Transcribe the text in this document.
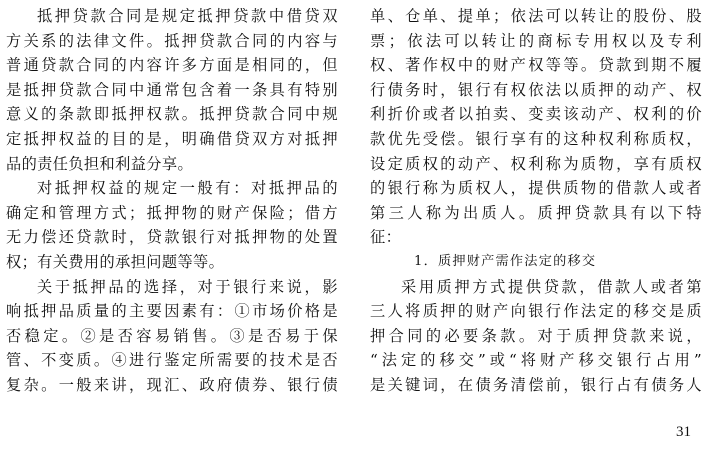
抵押贷款合同是规定抵押贷款中借贷双
方关系的法律文件。抵押贷款合同的内容与
普通贷款合同的内容许多方面是相同的，但
是抵押贷款合同中通常包含着一条具有特别
意义的条款即抵押权款。抵押贷款合同中规
定抵押权益的目的是，明确借贷双方对抵押
品的责任负担和利益分享。
对抵押权益的规定一般有：对抵押品的
确定和管理方式；抵押物的财产保险；借方
无力偿还贷款时，贷款银行对抵押物的处置
权；有关费用的承担问题等等。
关于抵押品的选择，对于银行来说，影
响抵押品质量的主要因素有：①市场价格是
否稳定。②是否容易销售。③是否易于保
管、不变质。④进行鉴定所需要的技术是否
复杂。一般来讲，现汇、政府债券、银行债
单、仓单、提单；依法可以转让的股份、股
票；依法可以转让的商标专用权以及专利
权、著作权中的财产权等等。贷款到期不履
行债务时，银行有权依法以质押的动产、权
利折价或者以拍卖、变卖该动产、权利的价
款优先受偿。银行享有的这种权利称质权，
设定质权的动产、权利称为质物，享有质权
的银行称为质权人，提供质物的借款人或者
第三人称为出质人。质押贷款具有以下特
征：
1．质押财产需作法定的移交
采用质押方式提供贷款，借款人或者第
三人将质押的财产向银行作法定的移交是质
押合同的必要条款。对于质押贷款来说，
“法定的移交”或“将财产移交银行占用”
是关键词，在债务清偿前，银行占有债务人
31
